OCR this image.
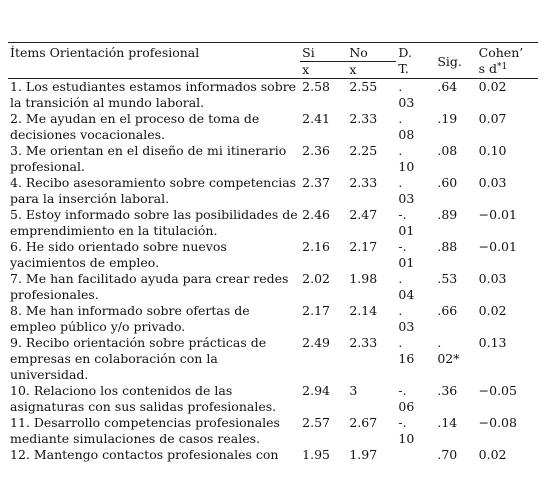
Ítems Orientación profesional	Si	No	D.
T.	Sig.	Cohen’
s $d^{*1}$

	$\overline{x}$	$\overline{x}$
1. Los estudiantes estamos informados sobre la transición al mundo laboral.	2.58	2.55	.
03	.64	0.02
2. Me ayudan en el proceso de toma de decisiones vocacionales.	2.41	2.33	.
08	.19	0.07
3. Me orientan en el diseño de mi itinerario profesional.	2.36	2.25	.
10	.08	0.10
4. Recibo asesoramiento sobre competencias para la inserción laboral.	2.37	2.33	.
03	.60	0.03
5. Estoy informado sobre las posibilidades de emprendimiento en la titulación.	2.46	2.47	-.
01	.89	−0.01
6. He sido orientado sobre nuevos yacimientos de empleo.	2.16	2.17	-.
01	.88	−0.01
7. Me han facilitado ayuda para crear redes profesionales.	2.02	1.98	.
04	.53	0.03
8. Me han informado sobre ofertas de empleo público y/o privado.	2.17	2.14	.
03	.66	0.02
9. Recibo orientación sobre prácticas de empresas en colaboración con la universidad.	2.49	2.33	.
16	.
02*	0.13
10. Relaciono los contenidos de las asignaturas con sus salidas profesionales.	2.94	3	-.
06	.36	−0.05
11. Desarrollo competencias profesionales mediante simulaciones de casos reales.	2.57	2.67	-.
10	.14	−0.08
12. Mantengo contactos profesionales con	1.95	1.97		.70	0.02
